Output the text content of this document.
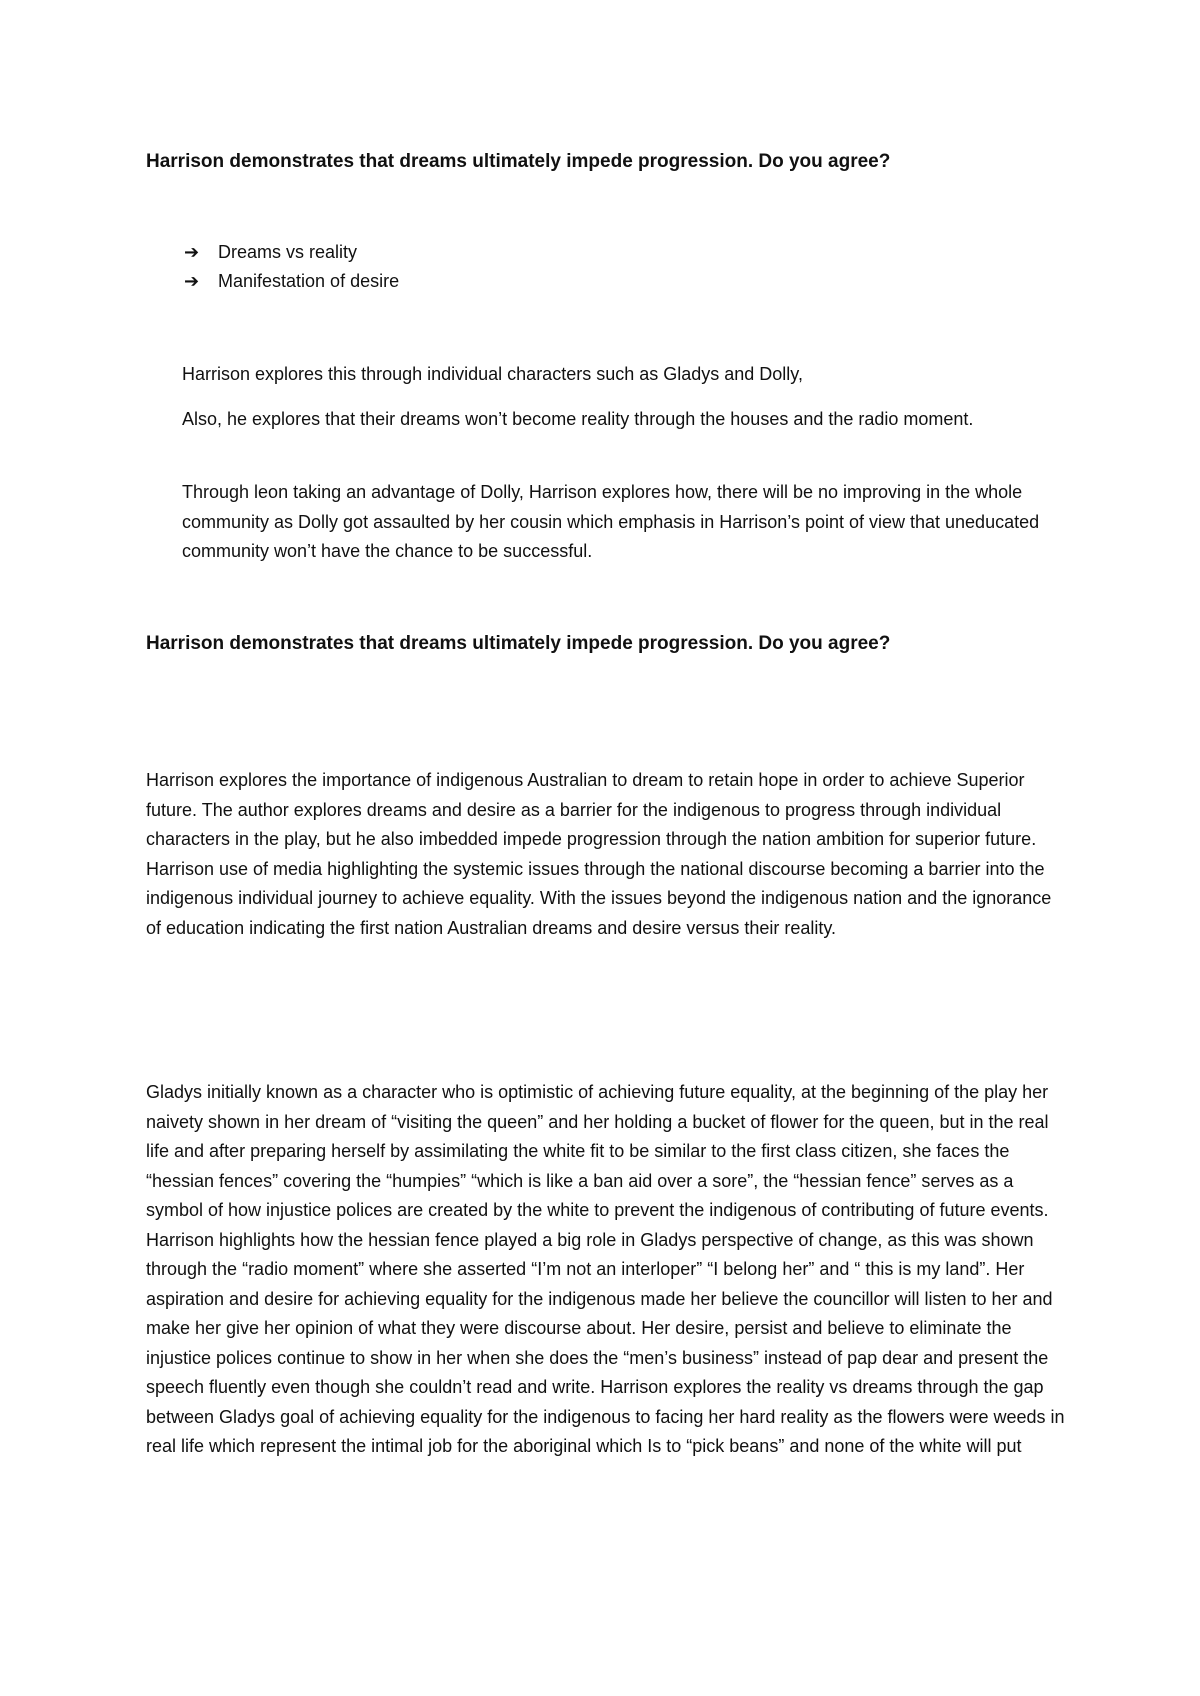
Harrison demonstrates that dreams ultimately impede progression. Do you agree?
➔ Dreams vs reality
➔ Manifestation of desire

Harrison explores this through individual characters such as Gladys and Dolly,

Also, he explores that their dreams won’t become reality through the houses and the radio moment.

Through leon taking an advantage of Dolly, Harrison explores how, there will be no improving in the whole community as Dolly got assaulted by her cousin which emphasis in Harrison’s point of view that uneducated community won’t have the chance to be successful.

Harrison demonstrates that dreams ultimately impede progression. Do you agree?

Harrison explores the importance of indigenous Australian to dream to retain hope in order to achieve Superior future. The author explores dreams and desire as a barrier for the indigenous to progress through individual characters in the play, but he also imbedded impede progression through the nation ambition for superior future. Harrison use of media highlighting the systemic issues through the national discourse becoming a barrier into the indigenous individual journey to achieve equality. With the issues beyond the indigenous nation and the ignorance of education indicating the first nation Australian dreams and desire versus their reality.

Gladys initially known as a character who is optimistic of achieving future equality, at the beginning of the play her naivety shown in her dream of “visiting the queen” and her holding a bucket of flower for the queen, but in the real life and after preparing herself by assimilating the white fit to be similar to the first class citizen, she faces the “hessian fences” covering the “humpies” “which is like a ban aid over a sore”, the “hessian fence” serves as a symbol of how injustice polices are created by the white to prevent the indigenous of contributing of future events. Harrison highlights how the hessian fence played a big role in Gladys perspective of change, as this was shown through the “radio moment” where she asserted “I’m not an interloper” “I belong her” and “ this is my land”. Her aspiration and desire for achieving equality for the indigenous made her believe the councillor will listen to her and make her give her opinion of what they were discourse about. Her desire, persist and believe to eliminate the injustice polices continue to show in her when she does the “men’s business” instead of pap dear and present the speech fluently even though she couldn’t read and write. Harrison explores the reality vs dreams through the gap between Gladys goal of achieving equality for the indigenous to facing her hard reality as the flowers were weeds in real life which represent the intimal job for the aboriginal which Is to “pick beans” and none of the white will put
